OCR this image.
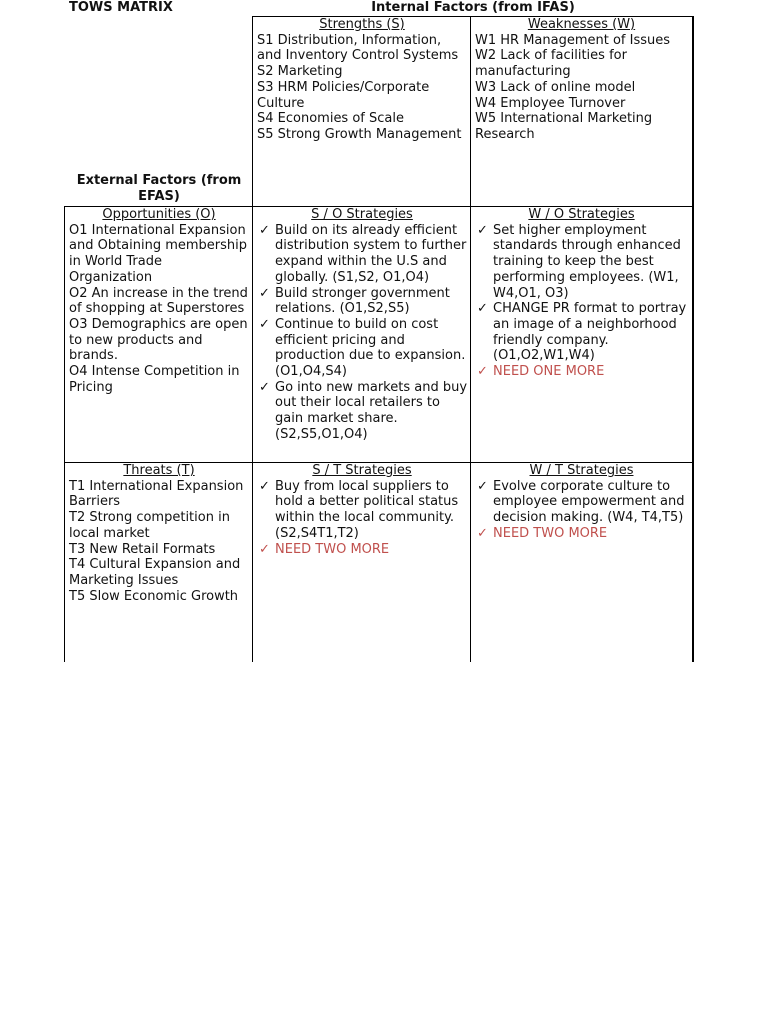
TOWS MATRIX	Internal Factors (from IFAS)
External Factors (from EFAS)
Strengths (S)
S1 Distribution, Information, and Inventory Control Systems
S2 Marketing
S3 HRM Policies/Corporate Culture
S4 Economies of Scale
S5 Strong Growth Management
Weaknesses (W)
W1 HR Management of Issues
W2 Lack of facilities for manufacturing
W3 Lack of online model
W4 Employee Turnover
W5 International Marketing Research
Opportunities (O)
O1 International Expansion and Obtaining membership in World Trade Organization
O2 An increase in the trend of shopping at Superstores
O3 Demographics are open to new products and brands.
O4 Intense Competition in Pricing
S / O Strategies
✓ Build on its already efficient distribution system to further expand within the U.S and globally. (S1,S2, O1,O4)
✓ Build stronger government relations. (O1,S2,S5)
✓ Continue to build on cost efficient pricing and production due to expansion. (O1,O4,S4)
✓ Go into new markets and buy out their local retailers to gain market share. (S2,S5,O1,O4)
W / O Strategies
✓ Set higher employment standards through enhanced training to keep the best performing employees. (W1, W4,O1, O3)
✓ CHANGE PR format to portray an image of a neighborhood friendly company. (O1,O2,W1,W4)
✓ NEED ONE MORE
Threats (T)
T1 International Expansion Barriers
T2 Strong competition in local market
T3 New Retail Formats
T4 Cultural Expansion and Marketing Issues
T5 Slow Economic Growth
S / T Strategies
✓ Buy from local suppliers to hold a better political status within the local community.(S2,S4T1,T2)
✓ NEED TWO MORE
W / T Strategies
✓ Evolve corporate culture to employee empowerment and decision making. (W4, T4,T5)
✓ NEED TWO MORE
